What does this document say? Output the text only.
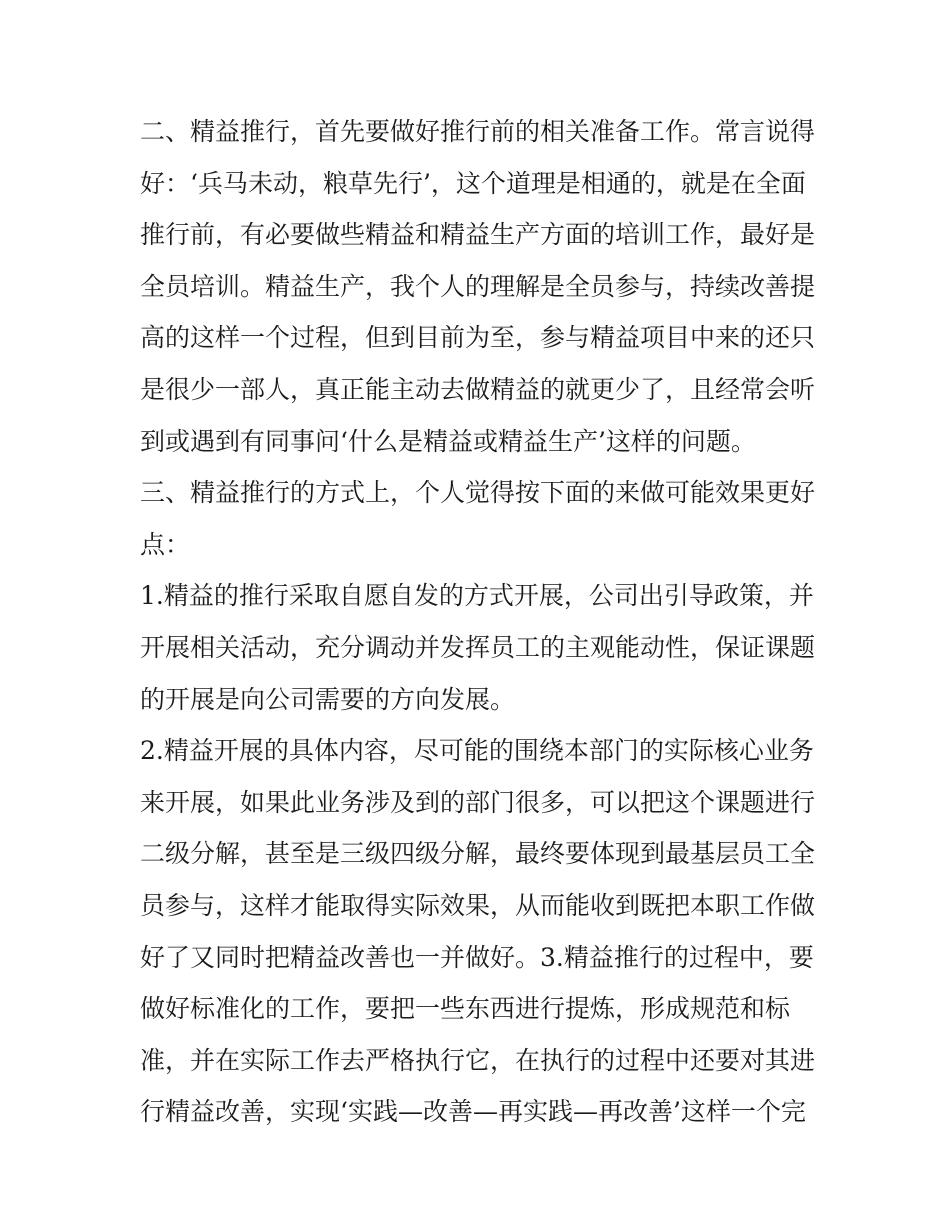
二、精益推行，首先要做好推行前的相关准备工作。常言说得
好：‘兵马未动，粮草先行’，这个道理是相通的，就是在全面
推行前，有必要做些精益和精益生产方面的培训工作，最好是
全员培训。精益生产，我个人的理解是全员参与，持续改善提
高的这样一个过程，但到目前为至，参与精益项目中来的还只
是很少一部人，真正能主动去做精益的就更少了，且经常会听
到或遇到有同事问‘什么是精益或精益生产’这样的问题。
三、精益推行的方式上，个人觉得按下面的来做可能效果更好
点：
1.精益的推行采取自愿自发的方式开展，公司出引导政策，并
开展相关活动，充分调动并发挥员工的主观能动性，保证课题
的开展是向公司需要的方向发展。
2.精益开展的具体内容，尽可能的围绕本部门的实际核心业务
来开展，如果此业务涉及到的部门很多，可以把这个课题进行
二级分解，甚至是三级四级分解，最终要体现到最基层员工全
员参与，这样才能取得实际效果，从而能收到既把本职工作做
好了又同时把精益改善也一并做好。3.精益推行的过程中，要
做好标准化的工作，要把一些东西进行提炼，形成规范和标
准，并在实际工作去严格执行它，在执行的过程中还要对其进
行精益改善，实现‘实践—改善—再实践—再改善’这样一个完
